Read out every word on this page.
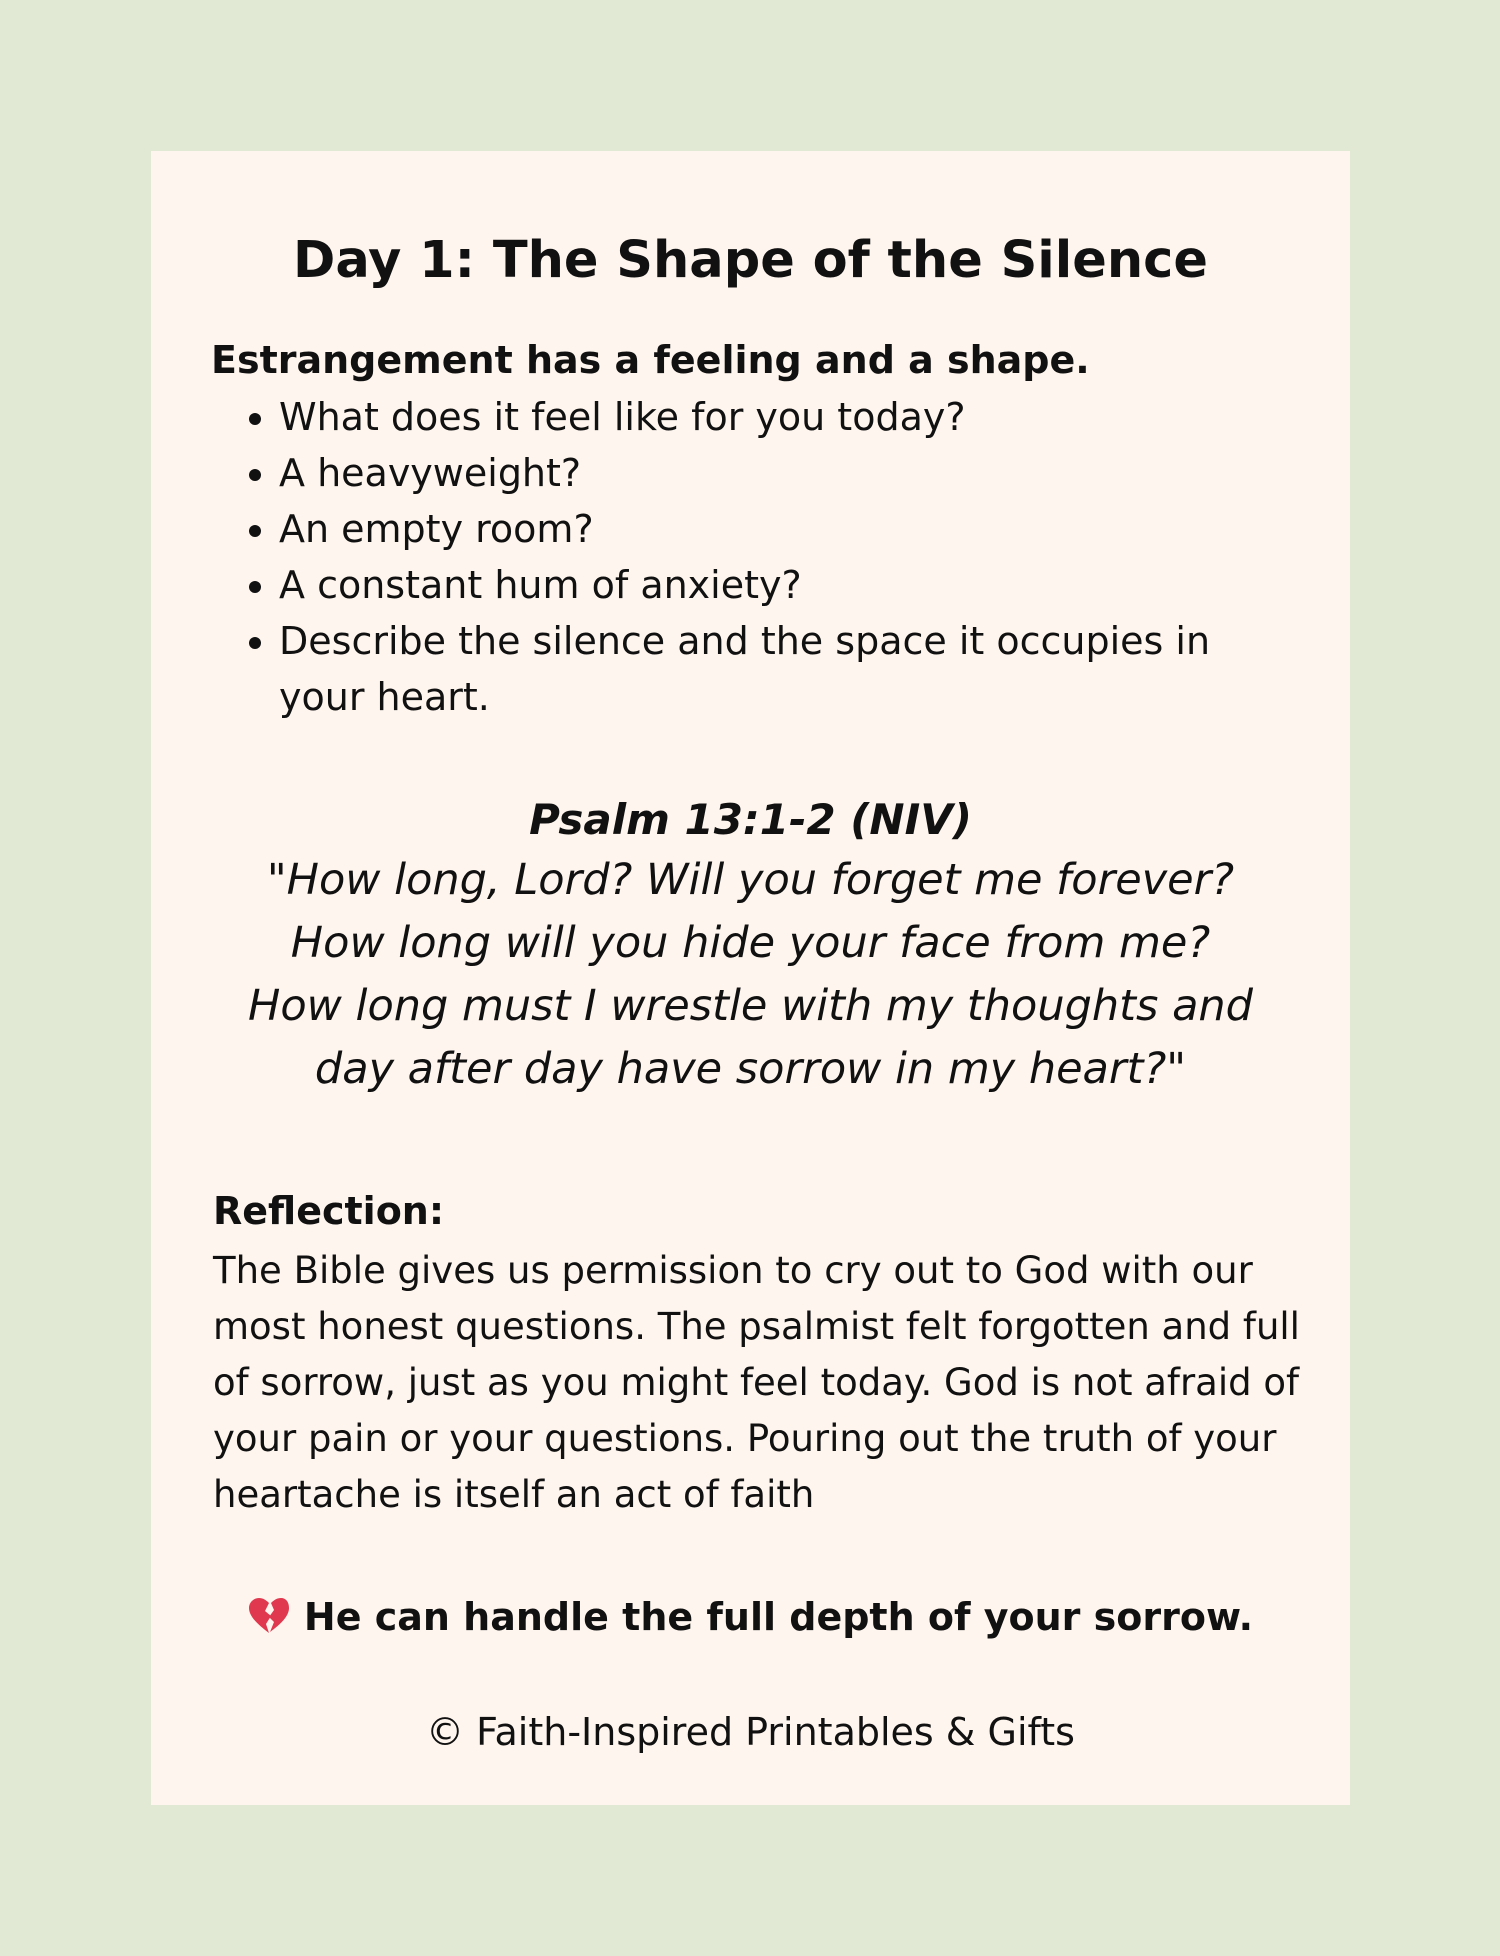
Day 1: The Shape of the Silence

Estrangement has a feeling and a shape.

• What does it feel like for you today?
• A heavyweight?
• An empty room?
• A constant hum of anxiety?
• Describe the silence and the space it occupies in your heart.

Psalm 13:1-2 (NIV)

"How long, Lord? Will you forget me forever?

How long will you hide your face from me?

How long must I wrestle with my thoughts and

day after day have sorrow in my heart?"

Reflection:

The Bible gives us permission to cry out to God with our most honest questions. The psalmist felt forgotten and full of sorrow, just as you might feel today. God is not afraid of your pain or your questions. Pouring out the truth of your heartache is itself an act of faith

He can handle the full depth of your sorrow.

© Faith-Inspired Printables & Gifts
